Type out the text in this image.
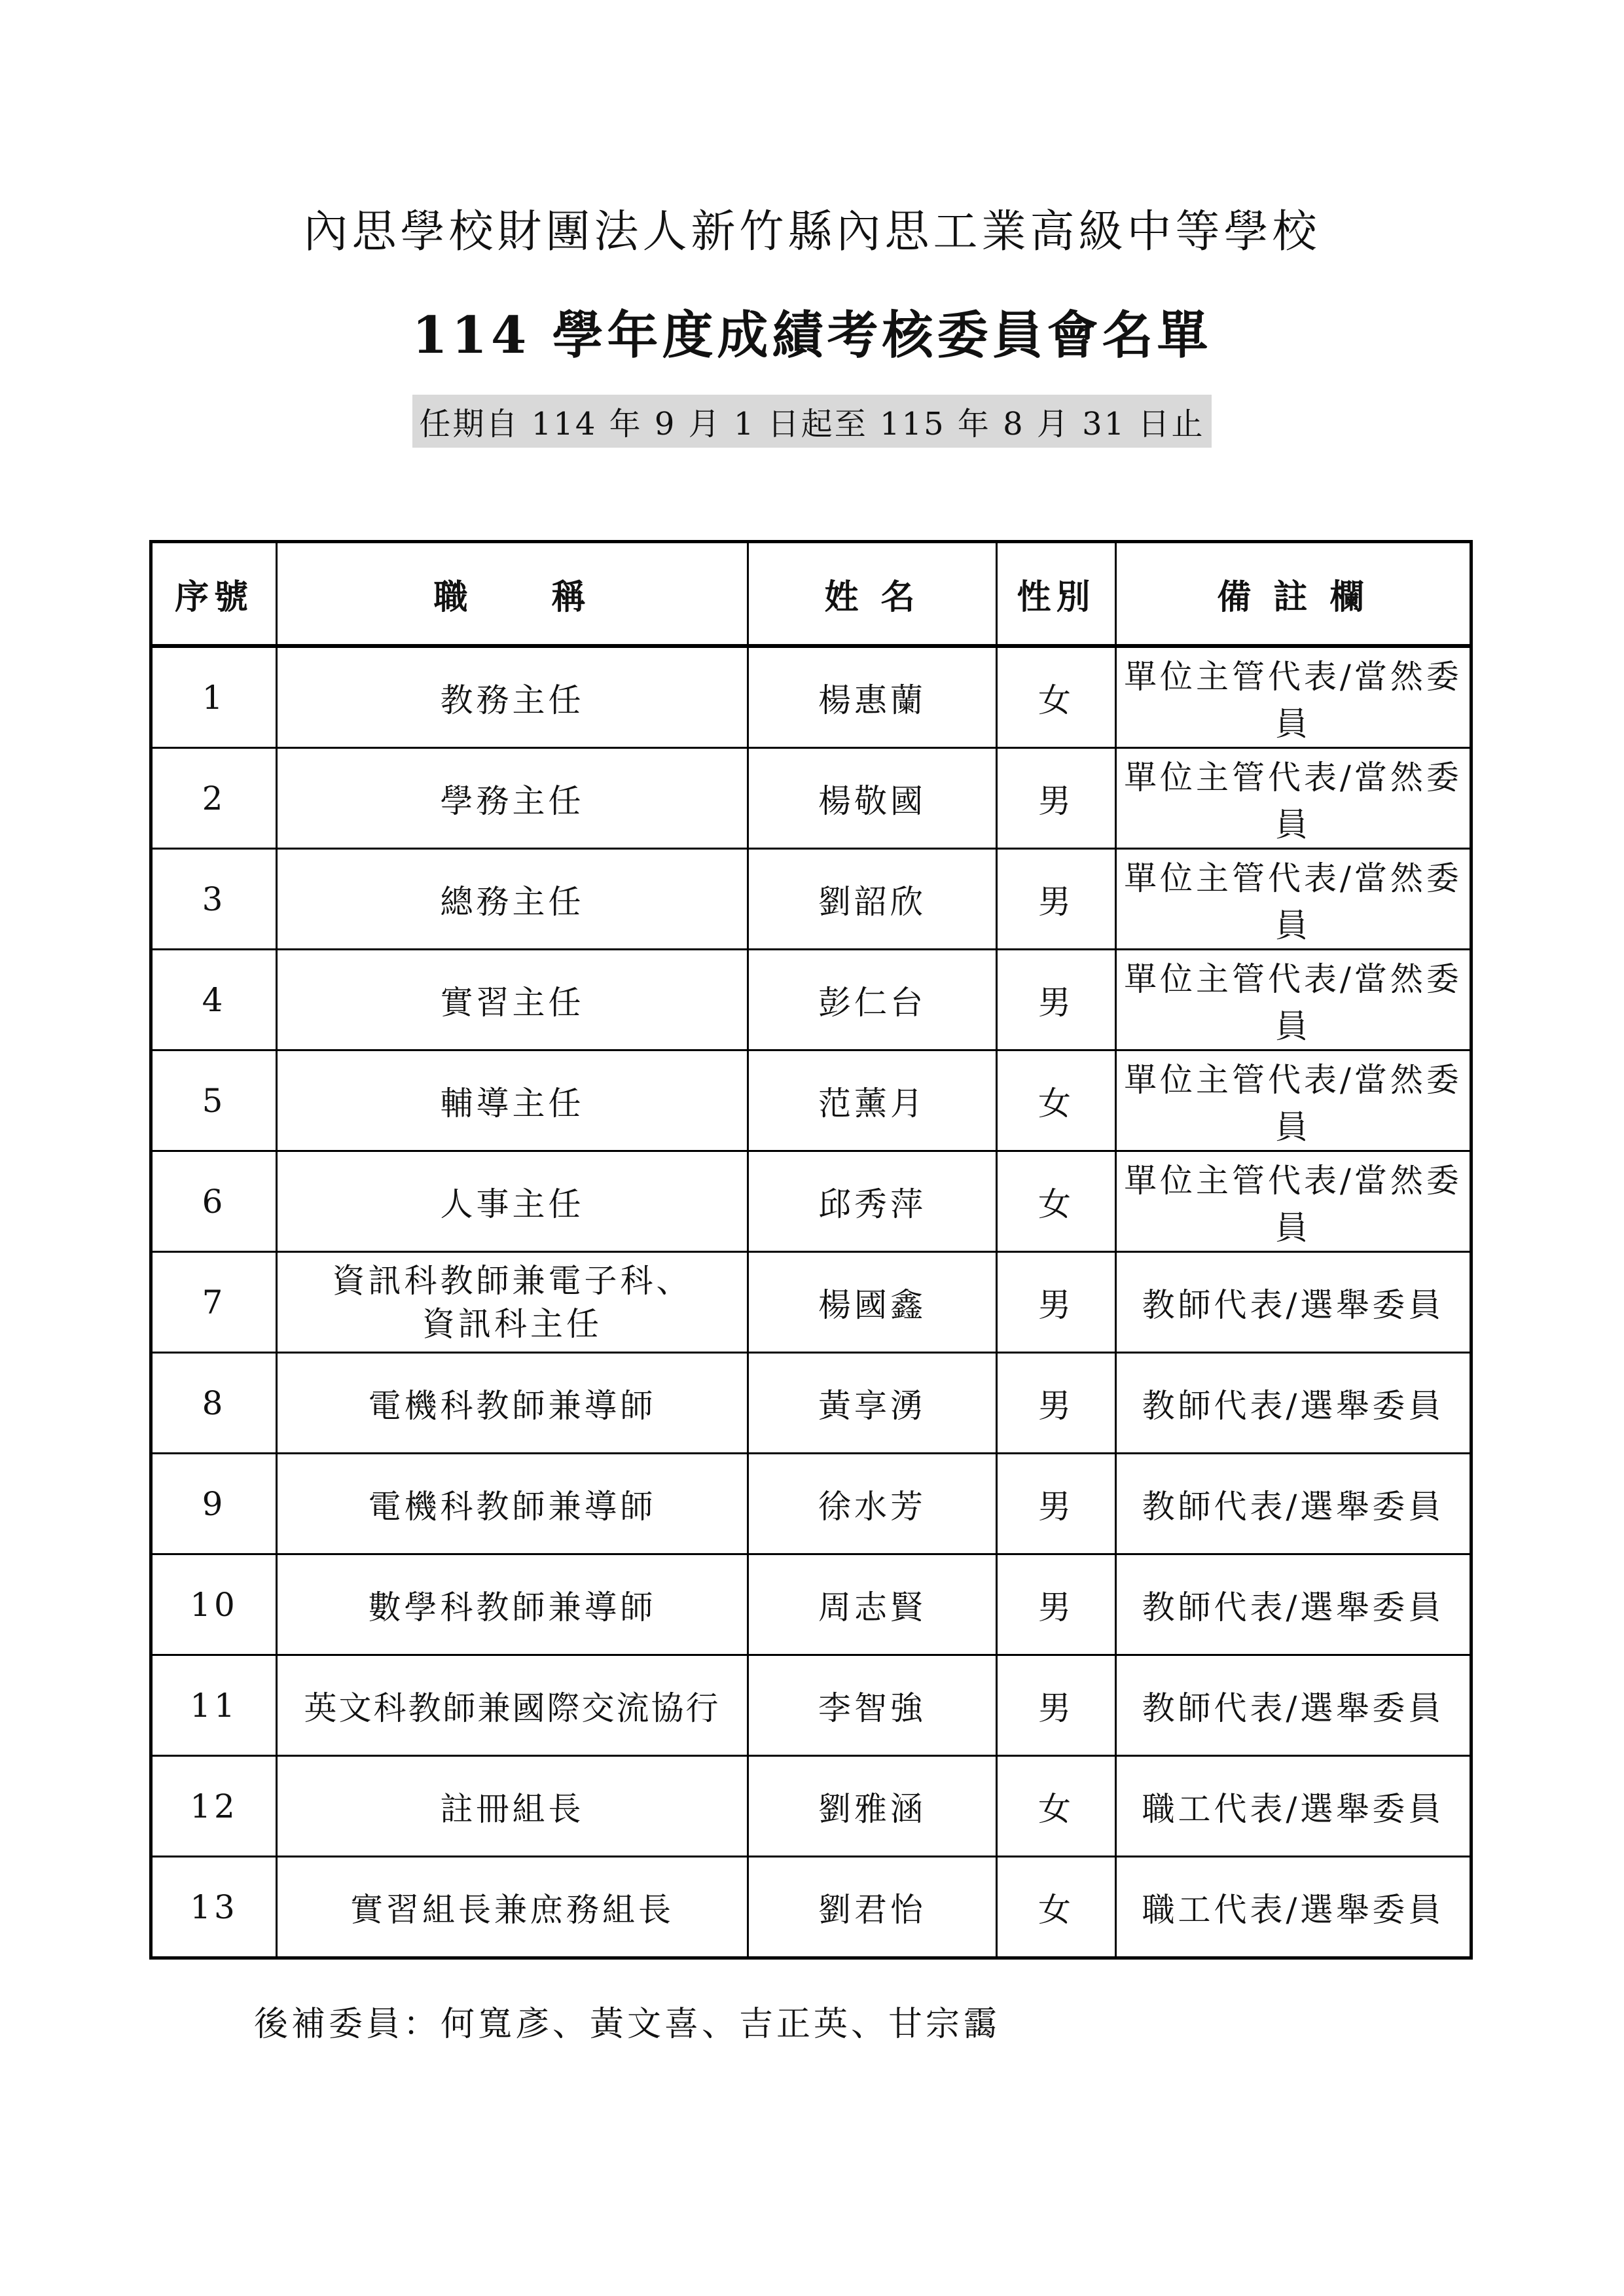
內思學校財團法人新竹縣內思工業高級中等學校
114 學年度成績考核委員會名單
任期自 114 年 9 月 1 日起至 115 年 8 月 31 日止
序號	職　　稱	姓 名	性別	備 註 欄
1	教務主任	楊惠蘭	女	單位主管代表/當然委員
2	學務主任	楊敬國	男	單位主管代表/當然委員
3	總務主任	劉韶欣	男	單位主管代表/當然委員
4	實習主任	彭仁台	男	單位主管代表/當然委員
5	輔導主任	范薰月	女	單位主管代表/當然委員
6	人事主任	邱秀萍	女	單位主管代表/當然委員
7	資訊科教師兼電子科、
資訊科主任	楊國鑫	男	教師代表/選舉委員
8	電機科教師兼導師	黃享湧	男	教師代表/選舉委員
9	電機科教師兼導師	徐水芳	男	教師代表/選舉委員
10	數學科教師兼導師	周志賢	男	教師代表/選舉委員
11	英文科教師兼國際交流協行	李智強	男	教師代表/選舉委員
12	註冊組長	劉雅涵	女	職工代表/選舉委員
13	實習組長兼庶務組長	劉君怡	女	職工代表/選舉委員
後補委員：何寬彥、黃文喜、吉正英、甘宗靄
